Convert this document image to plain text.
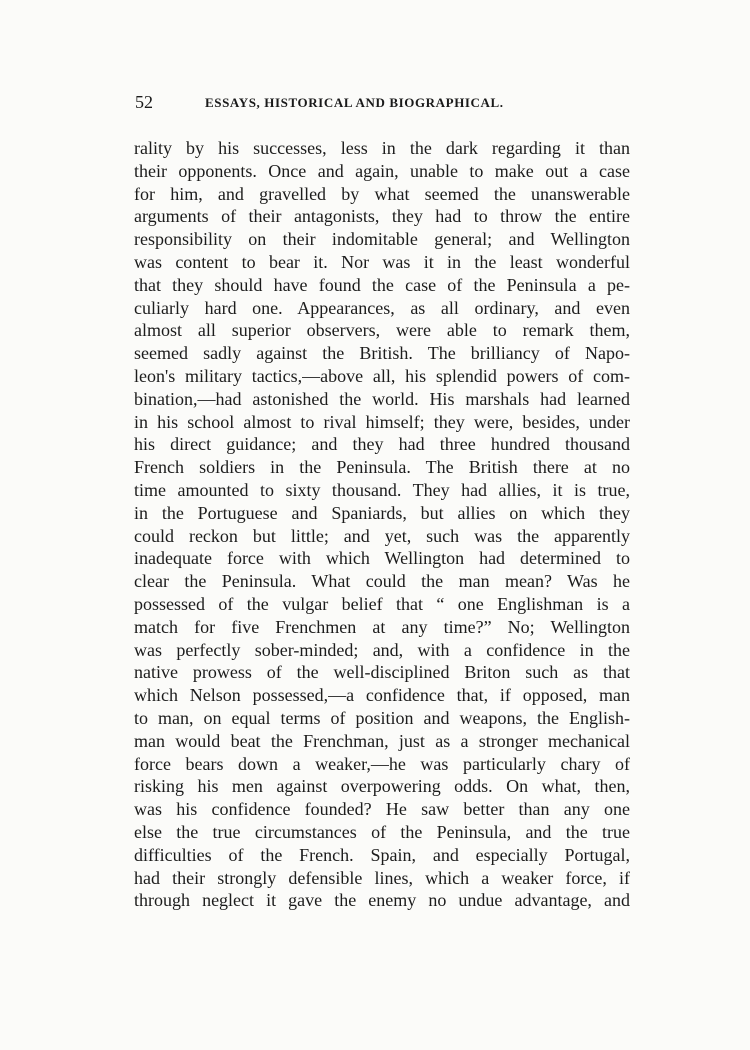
52	ESSAYS, HISTORICAL AND BIOGRAPHICAL.
rality by his successes, less in the dark regarding it than
their opponents. Once and again, unable to make out a case
for him, and gravelled by what seemed the unanswerable
arguments of their antagonists, they had to throw the entire
responsibility on their indomitable general; and Wellington
was content to bear it. Nor was it in the least wonderful
that they should have found the case of the Peninsula a pe-
culiarly hard one. Appearances, as all ordinary, and even
almost all superior observers, were able to remark them,
seemed sadly against the British. The brilliancy of Napo-
leon's military tactics,—above all, his splendid powers of com-
bination,—had astonished the world. His marshals had learned
in his school almost to rival himself; they were, besides, under
his direct guidance; and they had three hundred thousand
French soldiers in the Peninsula. The British there at no
time amounted to sixty thousand. They had allies, it is true,
in the Portuguese and Spaniards, but allies on which they
could reckon but little; and yet, such was the apparently
inadequate force with which Wellington had determined to
clear the Peninsula. What could the man mean? Was he
possessed of the vulgar belief that “ one Englishman is a
match for five Frenchmen at any time?” No; Wellington
was perfectly sober-minded; and, with a confidence in the
native prowess of the well-disciplined Briton such as that
which Nelson possessed,—a confidence that, if opposed, man
to man, on equal terms of position and weapons, the English-
man would beat the Frenchman, just as a stronger mechanical
force bears down a weaker,—he was particularly chary of
risking his men against overpowering odds. On what, then,
was his confidence founded? He saw better than any one
else the true circumstances of the Peninsula, and the true
difficulties of the French. Spain, and especially Portugal,
had their strongly defensible lines, which a weaker force, if
through neglect it gave the enemy no undue advantage, and
